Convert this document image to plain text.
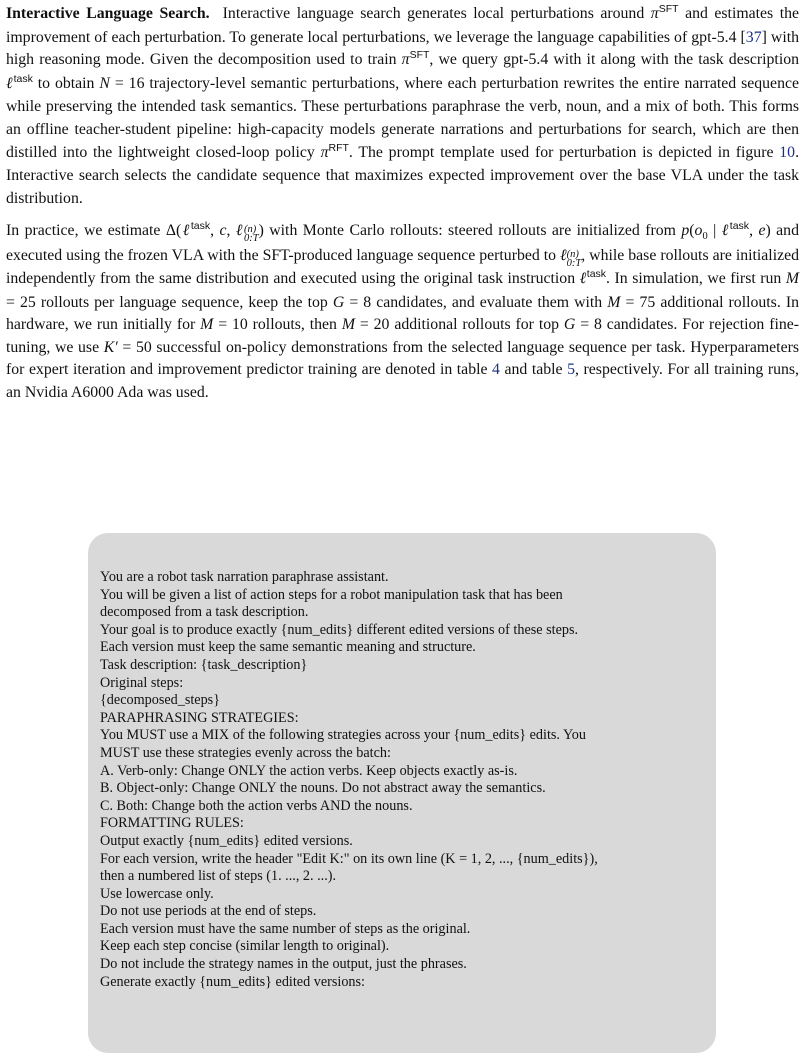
Interactive Language Search. Interactive language search generates local perturbations around $\pi^{SFT}$ and estimates the improvement of each perturbation. To generate local perturbations, we leverage the language capabilities of gpt-5.4 [37] with high reasoning mode. Given the decomposition used to train $\pi^{SFT}$, we query gpt-5.4 with it along with the task description ℓ$^{task}$ to obtain N = 16 trajectory-level semantic perturbations, where each perturbation rewrites the entire narrated sequence while preserving the intended task semantics. These perturbations paraphrase the verb, noun, and a mix of both. This forms an offline teacher-student pipeline: high-capacity models generate narrations and perturbations for search, which are then distilled into the lightweight closed-loop policy $\pi^{RFT}$. The prompt template used for perturbation is depicted in figure 10. Interactive search selects the candidate sequence that maximizes expected improvement over the base VLA under the task distribution.

In practice, we estimate Δ(ℓ$^{task}$, c, ℓ (n)
0:T ) with Monte Carlo rollouts: steered rollouts are initialized from $p(o_0$ | ℓ$^{task}$, e) and executed using the frozen VLA with the SFT-produced language sequence perturbed to ℓ (n)
0:T , while base rollouts are initialized independently from the same distribution and executed using the original task instruction ℓ$^{task}$. In simulation, we first run M = 25 rollouts per language sequence, keep the top G = 8 candidates, and evaluate them with M = 75 additional rollouts. In hardware, we run initially for M = 10 rollouts, then M = 20 additional rollouts for top G = 8 candidates. For rejection fine-tuning, we use K′ = 50 successful on-policy demonstrations from the selected language sequence per task. Hyperparameters for expert iteration and improvement predictor training are denoted in table 4 and table 5, respectively. For all training runs, an Nvidia A6000 Ada was used.

You are a robot task narration paraphrase assistant.
You will be given a list of action steps for a robot manipulation task that has been
decomposed from a task description.
Your goal is to produce exactly {num_edits} different edited versions of these steps.
Each version must keep the same semantic meaning and structure.
Task description: {task_description}
Original steps:
{decomposed_steps}
PARAPHRASING STRATEGIES:
You MUST use a MIX of the following strategies across your {num_edits} edits. You
MUST use these strategies evenly across the batch:
A. Verb-only: Change ONLY the action verbs. Keep objects exactly as-is.
B. Object-only: Change ONLY the nouns. Do not abstract away the semantics.
C. Both: Change both the action verbs AND the nouns.
FORMATTING RULES:
Output exactly {num_edits} edited versions.
For each version, write the header "Edit K:" on its own line (K = 1, 2, ..., {num_edits}),
then a numbered list of steps (1. ..., 2. ...).
Use lowercase only.
Do not use periods at the end of steps.
Each version must have the same number of steps as the original.
Keep each step concise (similar length to original).
Do not include the strategy names in the output, just the phrases.
Generate exactly {num_edits} edited versions:
